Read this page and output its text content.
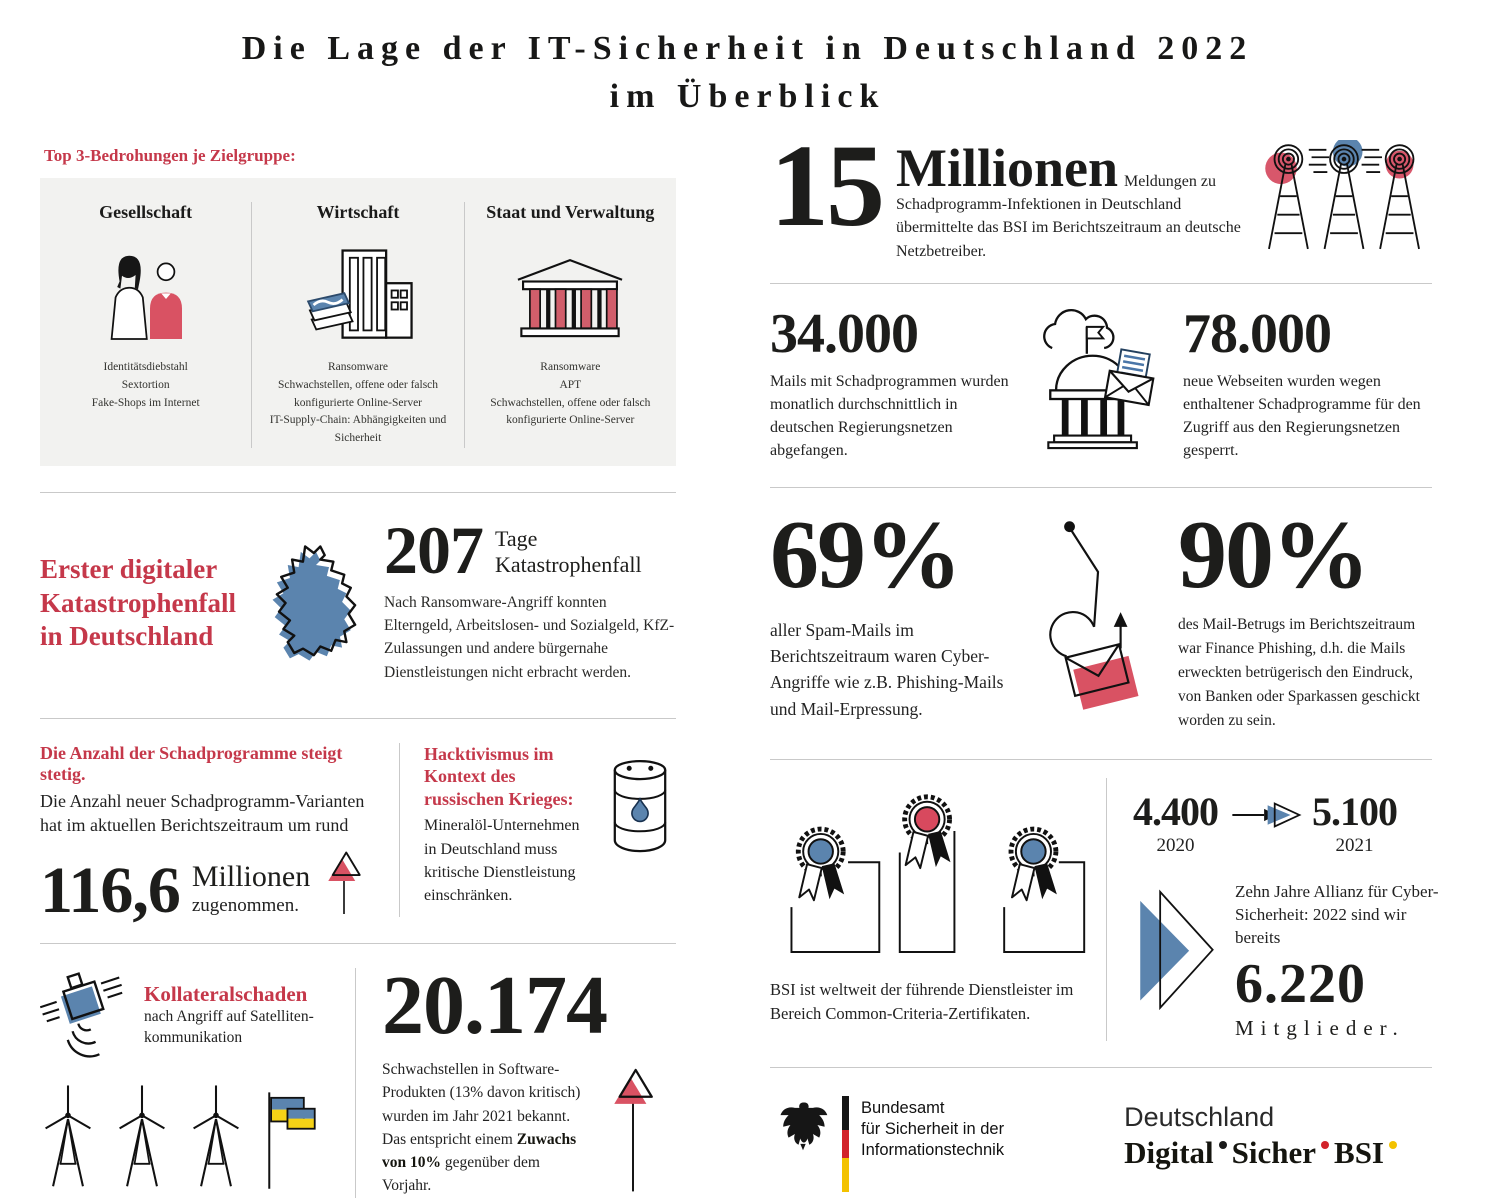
Die Lage der IT-Sicherheit in Deutschland 2022
im Überblick
Top 3-Bedrohungen je Zielgruppe:
Gesellschaft
Identitätsdiebstahl
Sextortion
Fake-Shops im Internet
Wirtschaft
Ransomware
Schwachstellen, offene oder falsch konfigurierte Online-Server
IT-Supply-Chain: Abhängigkeiten und Sicherheit
Staat und Verwaltung
Ransomware
APT
Schwachstellen, offene oder falsch konfigurierte Online-Server
Erster digitaler Katastrophenfall in Deutschland
207 Tage Katastrophenfall
Nach Ransomware-Angriff konnten Elterngeld, Arbeitslosen- und Sozialgeld, KfZ-Zulassungen und andere bürgernahe Dienstleistungen nicht erbracht werden.
Die Anzahl der Schadprogramme steigt stetig.
Die Anzahl neuer Schadprogramm-Varianten hat im aktuellen Berichtszeitraum um rund
116,6 Millionen
zugenommen.
Hacktivismus im Kontext des russischen Krieges:
Mineralöl-Unternehmen in Deutschland muss kritische Dienstleistung einschränken.
Kollateralschaden
nach Angriff auf Satelliten-
kommunikation	20.174
Schwachstellen in Software-Produkten (13% davon kritisch) wurden im Jahr 2021 bekannt. Das entspricht einem Zuwachs von 10% gegenüber dem Vorjahr.
15 Millionen Meldungen zu Schadprogramm-Infektionen in Deutschland übermittelte das BSI im Berichtszeitraum an deutsche Netzbetreiber.

34.000
Mails mit Schadprogrammen wurden monatlich durchschnittlich in deutschen Regierungsnetzen abgefangen.
78.000
neue Webseiten wurden wegen enthaltener Schadprogramme für den Zugriff aus den Regierungsnetzen gesperrt.
69%
aller Spam-Mails im Berichtszeitraum waren Cyber-Angriffe wie z.B. Phishing-Mails und Mail-Erpressung.
90%
des Mail-Betrugs im Berichtszeitraum war Finance Phishing, d.h. die Mails erweckten betrügerisch den Eindruck, von Banken oder Sparkassen geschickt worden zu sein.
BSI ist weltweit der führende Dienstleister im Bereich Common-Criteria-Zertifikaten.
4.400
2020
5.100
2021
Zehn Jahre Allianz für Cyber-Sicherheit: 2022 sind wir bereits
6.220
Mitglieder.
Bundesamt
für Sicherheit in der
Informationstechnik
Deutschland
Digital Sicher BSI
